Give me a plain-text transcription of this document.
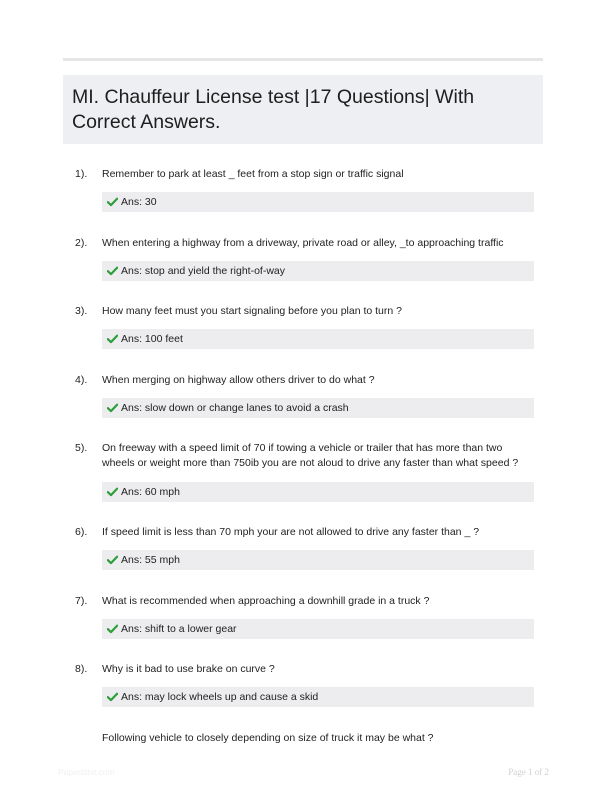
MI. Chauffeur License test |17 Questions| With Correct Answers.
1). Remember to park at least _ feet from a stop sign or traffic signal
Ans: 30
2). When entering a highway from a driveway, private road or alley, _to approaching traffic
Ans: stop and yield the right-of-way
3). How many feet must you start signaling before you plan to turn ?
Ans: 100 feet
4). When merging on highway allow others driver to do what ?
Ans: slow down or change lanes to avoid a crash
5). On freeway with a speed limit of 70 if towing a vehicle or trailer that has more than two wheels or weight more than 750ib you are not aloud to drive any faster than what speed ?
Ans: 60 mph
6). If speed limit is less than 70 mph your are not allowed to drive any faster than _ ?
Ans: 55 mph
7). What is recommended when approaching a downhill grade in a truck ?
Ans: shift to a lower gear
8). Why is it bad to use brake on curve ?
Ans: may lock wheels up and cause a skid
Following vehicle to closely depending on size of truck it may be what ?
Papertitbit.com	Page 1 of 2
